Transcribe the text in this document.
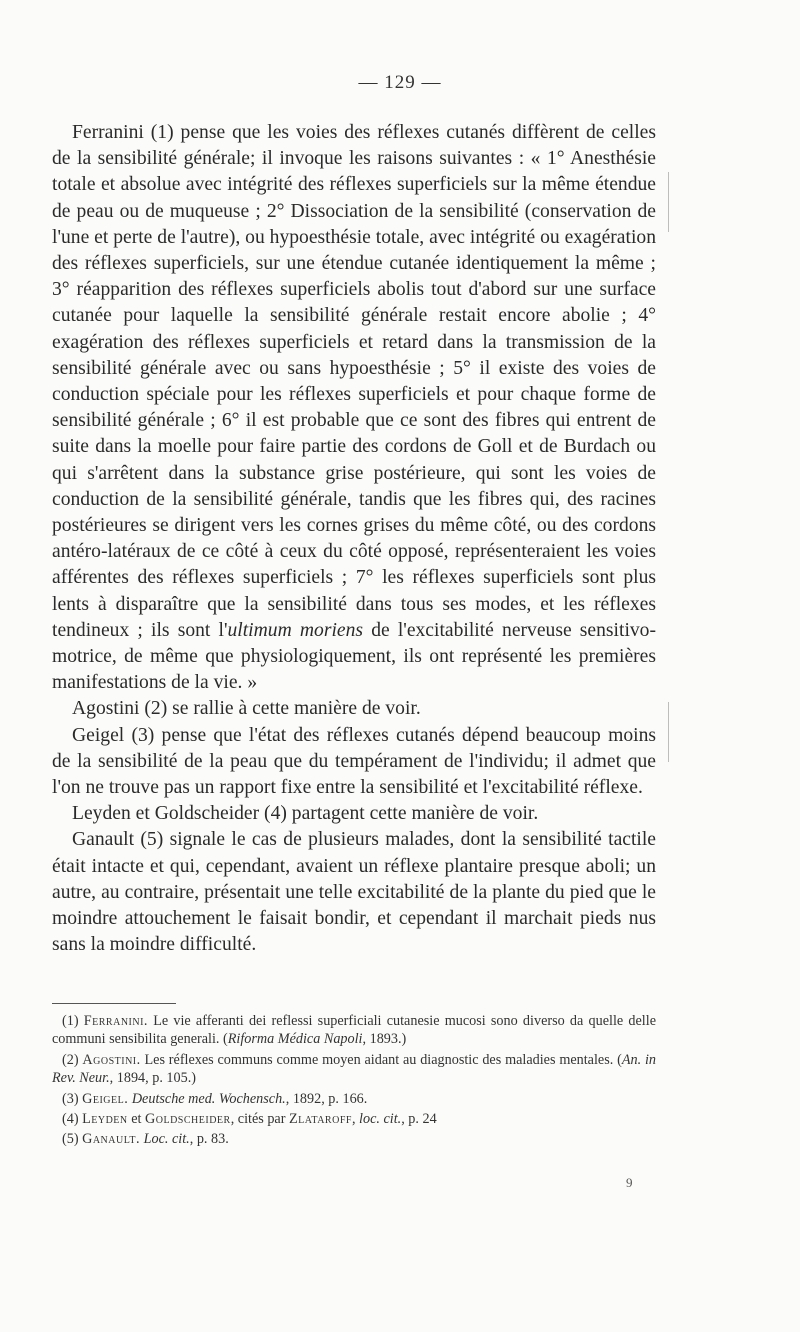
— 129 —

Ferranini (1) pense que les voies des réflexes cutanés diffèrent de celles de la sensibilité générale; il invoque les raisons suivantes : « 1° Anesthésie totale et absolue avec intégrité des réflexes superficiels sur la même étendue de peau ou de muqueuse ; 2° Dissociation de la sensibilité (conservation de l'une et perte de l'autre), ou hypoesthésie totale, avec intégrité ou exagération des réflexes superficiels, sur une étendue cutanée identiquement la même ; 3° réapparition des réflexes superficiels abolis tout d'abord sur une surface cutanée pour laquelle la sensibilité générale restait encore abolie ; 4° exagération des réflexes superficiels et retard dans la transmission de la sensibilité générale avec ou sans hypoesthésie ; 5° il existe des voies de conduction spéciale pour les réflexes superficiels et pour chaque forme de sensibilité générale ; 6° il est probable que ce sont des fibres qui entrent de suite dans la moelle pour faire partie des cordons de Goll et de Burdach ou qui s'arrêtent dans la substance grise postérieure, qui sont les voies de conduction de la sensibilité générale, tandis que les fibres qui, des racines postérieures se dirigent vers les cornes grises du même côté, ou des cordons antéro-latéraux de ce côté à ceux du côté opposé, représenteraient les voies afférentes des réflexes superficiels ; 7° les réflexes superficiels sont plus lents à disparaître que la sensibilité dans tous ses modes, et les réflexes tendineux ; ils sont l'ultimum moriens de l'excitabilité nerveuse sensitivo-motrice, de même que physiologiquement, ils ont représenté les premières manifestations de la vie. »

Agostini (2) se rallie à cette manière de voir.

Geigel (3) pense que l'état des réflexes cutanés dépend beaucoup moins de la sensibilité de la peau que du tempérament de l'individu; il admet que l'on ne trouve pas un rapport fixe entre la sensibilité et l'excitabilité réflexe.

Leyden et Goldscheider (4) partagent cette manière de voir.

Ganault (5) signale le cas de plusieurs malades, dont la sensibilité tactile était intacte et qui, cependant, avaient un réflexe plantaire presque aboli; un autre, au contraire, présentait une telle excitabilité de la plante du pied que le moindre attouchement le faisait bondir, et cependant il marchait pieds nus sans la moindre difficulté.

(1) Ferranini. Le vie afferanti dei reflessi superficiali cutanesie mucosi sono diverso da quelle delle communi sensibilita generali. (Riforma Médica Napoli, 1893.)

(2) Agostini. Les réflexes communs comme moyen aidant au diagnostic des maladies mentales. (An. in Rev. Neur., 1894, p. 105.)

(3) Geigel. Deutsche med. Wochensch., 1892, p. 166.

(4) Leyden et Goldscheider, cités par Zlataroff, loc. cit., p. 24

(5) Ganault. Loc. cit., p. 83.

9
